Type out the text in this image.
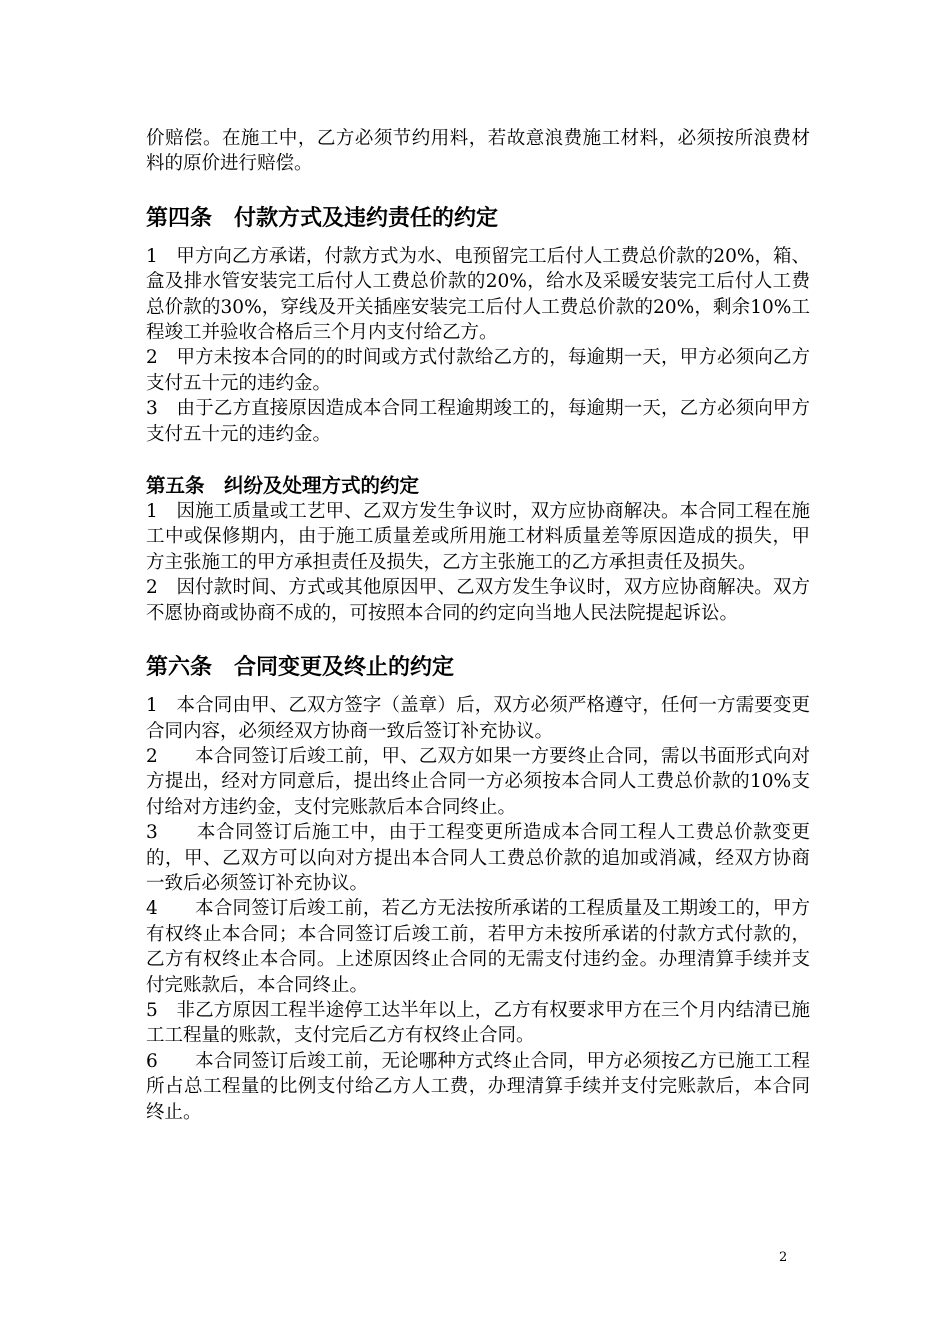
价赔偿。在施工中，乙方必须节约用料，若故意浪费施工材料，必须按所浪费材料的原价进行赔偿。

第四条　付款方式及违约责任的约定

1　甲方向乙方承诺，付款方式为水、电预留完工后付人工费总价款的20%，箱、盒及排水管安装完工后付人工费总价款的20%，给水及采暖安装完工后付人工费总价款的30%，穿线及开关插座安装完工后付人工费总价款的20%，剩余10%工程竣工并验收合格后三个月内支付给乙方。

2　甲方未按本合同的的时间或方式付款给乙方的，每逾期一天，甲方必须向乙方支付五十元的违约金。

3　由于乙方直接原因造成本合同工程逾期竣工的，每逾期一天，乙方必须向甲方支付五十元的违约金。

第五条　纠纷及处理方式的约定

1　因施工质量或工艺甲、乙双方发生争议时，双方应协商解决。本合同工程在施工中或保修期内，由于施工质量差或所用施工材料质量差等原因造成的损失，甲方主张施工的甲方承担责任及损失，乙方主张施工的乙方承担责任及损失。

2　因付款时间、方式或其他原因甲、乙双方发生争议时，双方应协商解决。双方不愿协商或协商不成的，可按照本合同的约定向当地人民法院提起诉讼。

第六条　合同变更及终止的约定

1　本合同由甲、乙双方签字（盖章）后，双方必须严格遵守，任何一方需要变更合同内容，必须经双方协商一致后签订补充协议。

2　　本合同签订后竣工前，甲、乙双方如果一方要终止合同，需以书面形式向对方提出，经对方同意后，提出终止合同一方必须按本合同人工费总价款的10%支付给对方违约金，支付完账款后本合同终止。

3　　本合同签订后施工中，由于工程变更所造成本合同工程人工费总价款变更的，甲、乙双方可以向对方提出本合同人工费总价款的追加或消减，经双方协商一致后必须签订补充协议。

4　　本合同签订后竣工前，若乙方无法按所承诺的工程质量及工期竣工的，甲方有权终止本合同；本合同签订后竣工前，若甲方未按所承诺的付款方式付款的，乙方有权终止本合同。上述原因终止合同的无需支付违约金。办理清算手续并支付完账款后，本合同终止。

5　非乙方原因工程半途停工达半年以上，乙方有权要求甲方在三个月内结清已施工工程量的账款，支付完后乙方有权终止合同。

6　　本合同签订后竣工前，无论哪种方式终止合同，甲方必须按乙方已施工工程所占总工程量的比例支付给乙方人工费，办理清算手续并支付完账款后，本合同终止。

2
